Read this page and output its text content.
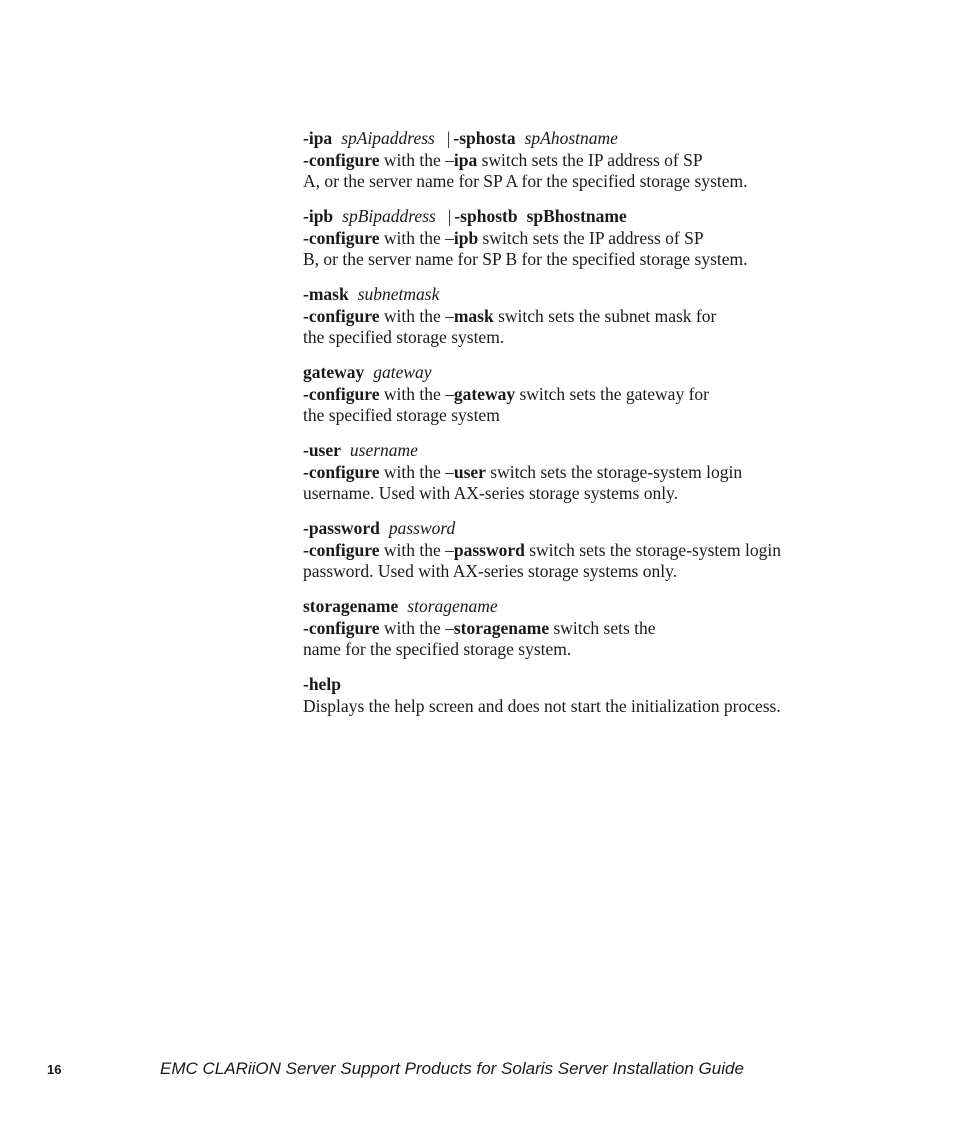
-ipa spAipaddress | -sphosta spAhostname

-configure with the –ipa switch sets the IP address of SP
A, or the server name for SP A for the specified storage system.

-ipb spBipaddress | -sphostb spBhostname

-configure with the –ipb switch sets the IP address of SP
B, or the server name for SP B for the specified storage system.

-mask subnetmask

-configure with the –mask switch sets the subnet mask for
the specified storage system.

gateway gateway

-configure with the –gateway switch sets the gateway for
the specified storage system

-user username

-configure with the –user switch sets the storage-system login
username. Used with AX-series storage systems only.

-password password

-configure with the –password switch sets the storage-system login
password. Used with AX-series storage systems only.

storagename storagename

-configure with the –storagename switch sets the
name for the specified storage system.

-help

Displays the help screen and does not start the initialization process.

16	EMC CLARiiON Server Support Products for Solaris Server Installation Guide
